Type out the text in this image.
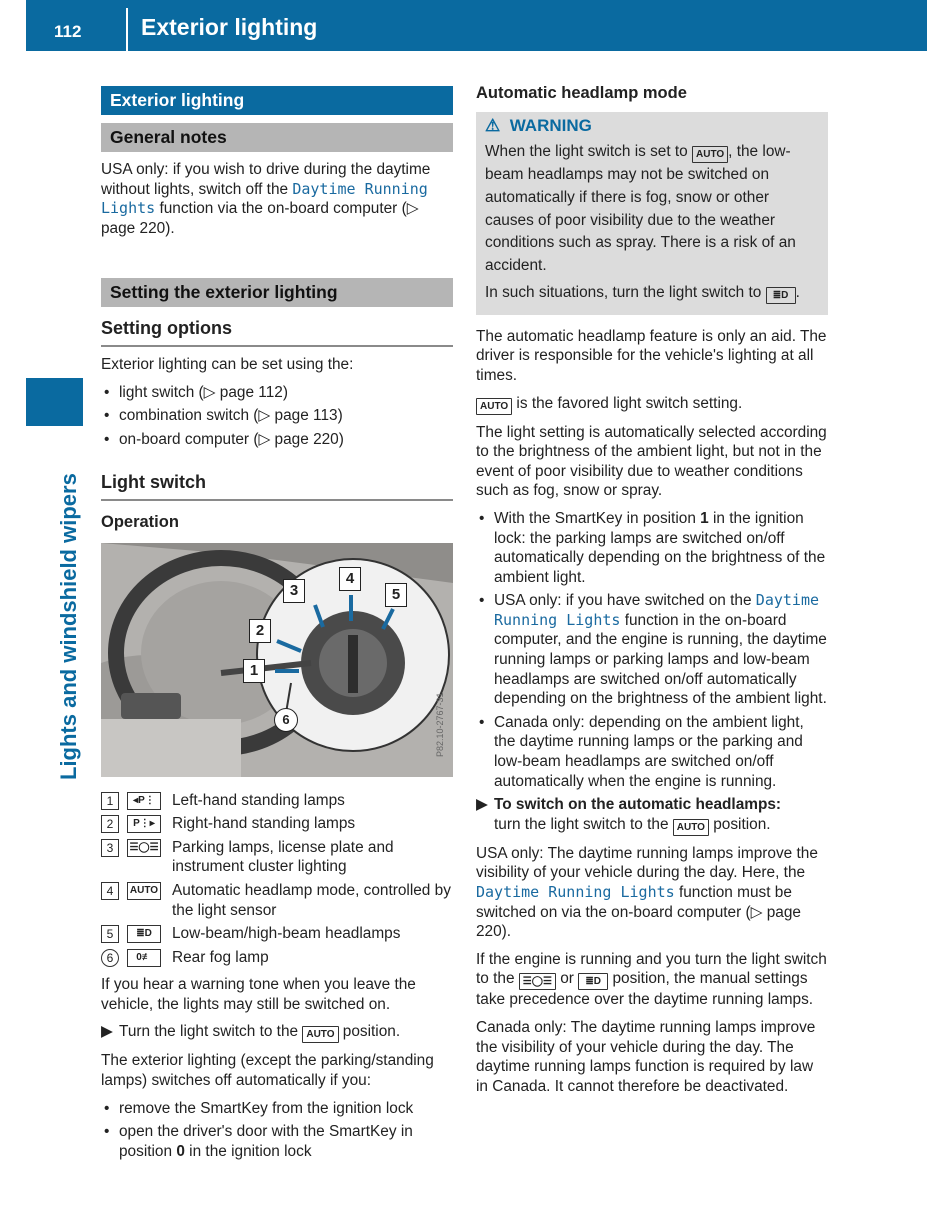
112	Exterior lighting
Lights and windshield wipers
Exterior lighting
General notes

USA only: if you wish to drive during the daytime without lights, switch off the Daytime Running Lights function via the on-board computer (▷ page 220).

Setting the exterior lighting
Setting options

Exterior lighting can be set using the:

• light switch (▷ page 112)
• combination switch (▷ page 113)
• on-board computer (▷ page 220)
Light switch
Operation
1
2
3
4
5
6	P82.10-2767-31
1	◂P⋮	Left-hand standing lamps
2	P⋮▸	Right-hand standing lamps
3	☰◯☰ Parking lamps, license plate and instrument cluster lighting
4	AUTO Automatic headlamp mode, controlled by the light sensor
5	≣D	Low-beam/high-beam headlamps
6	0≢	Rear fog lamp

If you hear a warning tone when you leave the vehicle, the lights may still be switched on.

▶ Turn the light switch to the AUTO position.

The exterior lighting (except the parking/standing lamps) switches off automatically if you:

• remove the SmartKey from the ignition lock
• open the driver's door with the SmartKey in position 0 in the ignition lock
Automatic headlamp mode
⚠ WARNING

When the light switch is set to AUTO , the low-beam headlamps may not be switched on automatically if there is fog, snow or other causes of poor visibility due to the weather conditions such as spray. There is a risk of an accident.

In such situations, turn the light switch to ≣D .

The automatic headlamp feature is only an aid. The driver is responsible for the vehicle's lighting at all times.

AUTO is the favored light switch setting.

The light setting is automatically selected according to the brightness of the ambient light, but not in the event of poor visibility due to weather conditions such as fog, snow or spray.

• With the SmartKey in position 1 in the ignition lock: the parking lamps are switched on/off automatically depending on the brightness of the ambient light.
• USA only: if you have switched on the Daytime Running Lights function in the on-board computer, and the engine is running, the daytime running lamps or parking lamps and low-beam headlamps are switched on/off automatically depending on the brightness of the ambient light.
• Canada only: depending on the ambient light, the daytime running lamps or the parking and low-beam headlamps are switched on/off automatically when the engine is running.
▶ To switch on the automatic headlamps:
turn the light switch to the AUTO position.

USA only: The daytime running lamps improve the visibility of your vehicle during the day. Here, the Daytime Running Lights function must be switched on via the on-board computer (▷ page 220).

If the engine is running and you turn the light switch to the ☰◯☰ or ≣D position, the manual settings take precedence over the daytime running lamps.

Canada only: The daytime running lamps improve the visibility of your vehicle during the day. The daytime running lamps function is required by law in Canada. It cannot therefore be deactivated.
